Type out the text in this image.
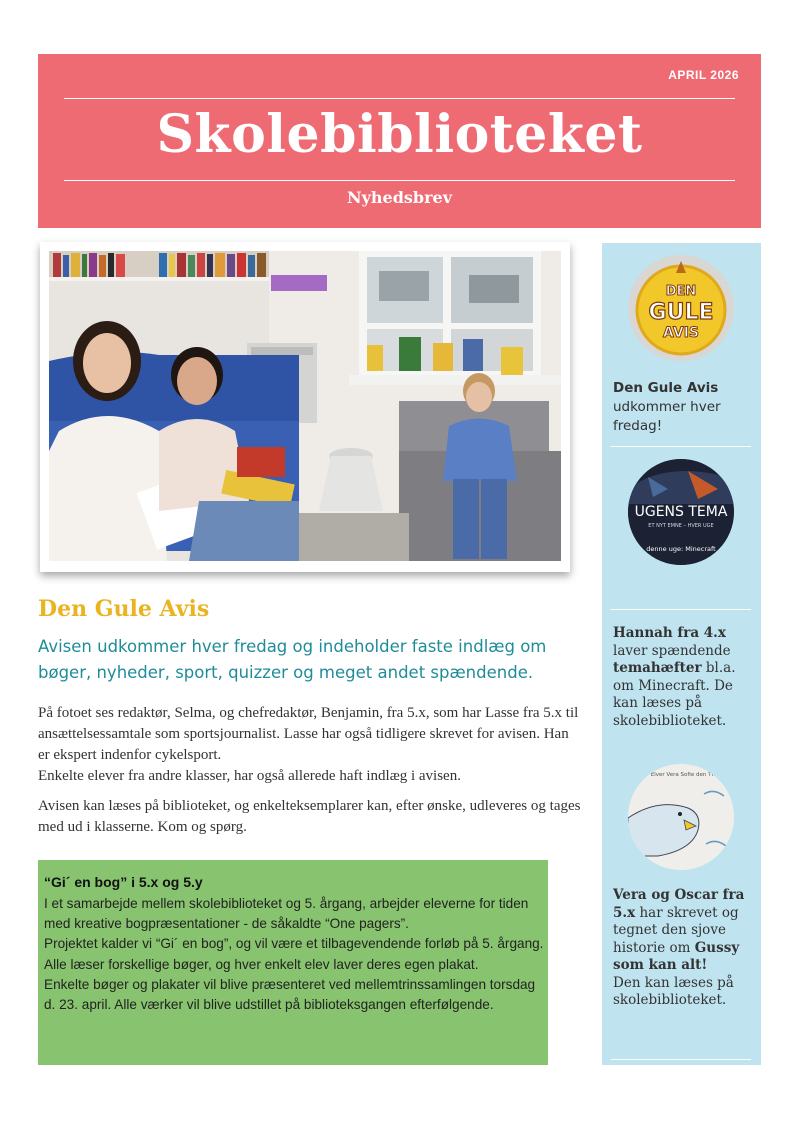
APRIL 2026
Skolebiblioteket
Nyhedsbrev
Den Gule Avis
Avisen udkommer hver fredag og indeholder faste indlæg om bøger, nyheder, sport, quizzer og meget andet spændende.
På fotoet ses redaktør, Selma, og chefredaktør, Benjamin, fra 5.x, som har Lasse fra 5.x til ansættelsessamtale som sportsjournalist. Lasse har også tidligere skrevet for avisen. Han er ekspert indenfor cykelsport.
Enkelte elever fra andre klasser, har også allerede haft indlæg i avisen.
Avisen kan læses på biblioteket, og enkelteksemplarer kan, efter ønske, udleveres og tages med ud i klasserne. Kom og spørg.
“Gi´ en bog” i 5.x og 5.y
I et samarbejde mellem skolebiblioteket og 5. årgang, arbejder eleverne for tiden med kreative bogpræsentationer - de såkaldte “One pagers”.
Projektet kalder vi “Gi´ en bog”, og vil være et tilbagevendende forløb på 5. årgang.
Alle læser forskellige bøger, og hver enkelt elev laver deres egen plakat.
Enkelte bøger og plakater vil blive præsenteret ved mellemtrinssamlingen torsdag d. 23. april. Alle værker vil blive udstillet på biblioteksgangen efterfølgende.
DEN
GULE
AVIS
Den Gule Avis
udkommer hver fredag!
UGENS TEMA
ET NYT EMNE – HVER UGE
denne uge: Minecraft
Hannah fra 4.x laver spændende temahæfter bl.a. om Minecraft. De kan læses på skolebiblioteket.
Oscar Elver Vera Sofie den Thuis
Vera og Oscar fra 5.x har skrevet og tegnet den sjove historie om Gussy som kan alt!
Den kan læses på skolebiblioteket.
